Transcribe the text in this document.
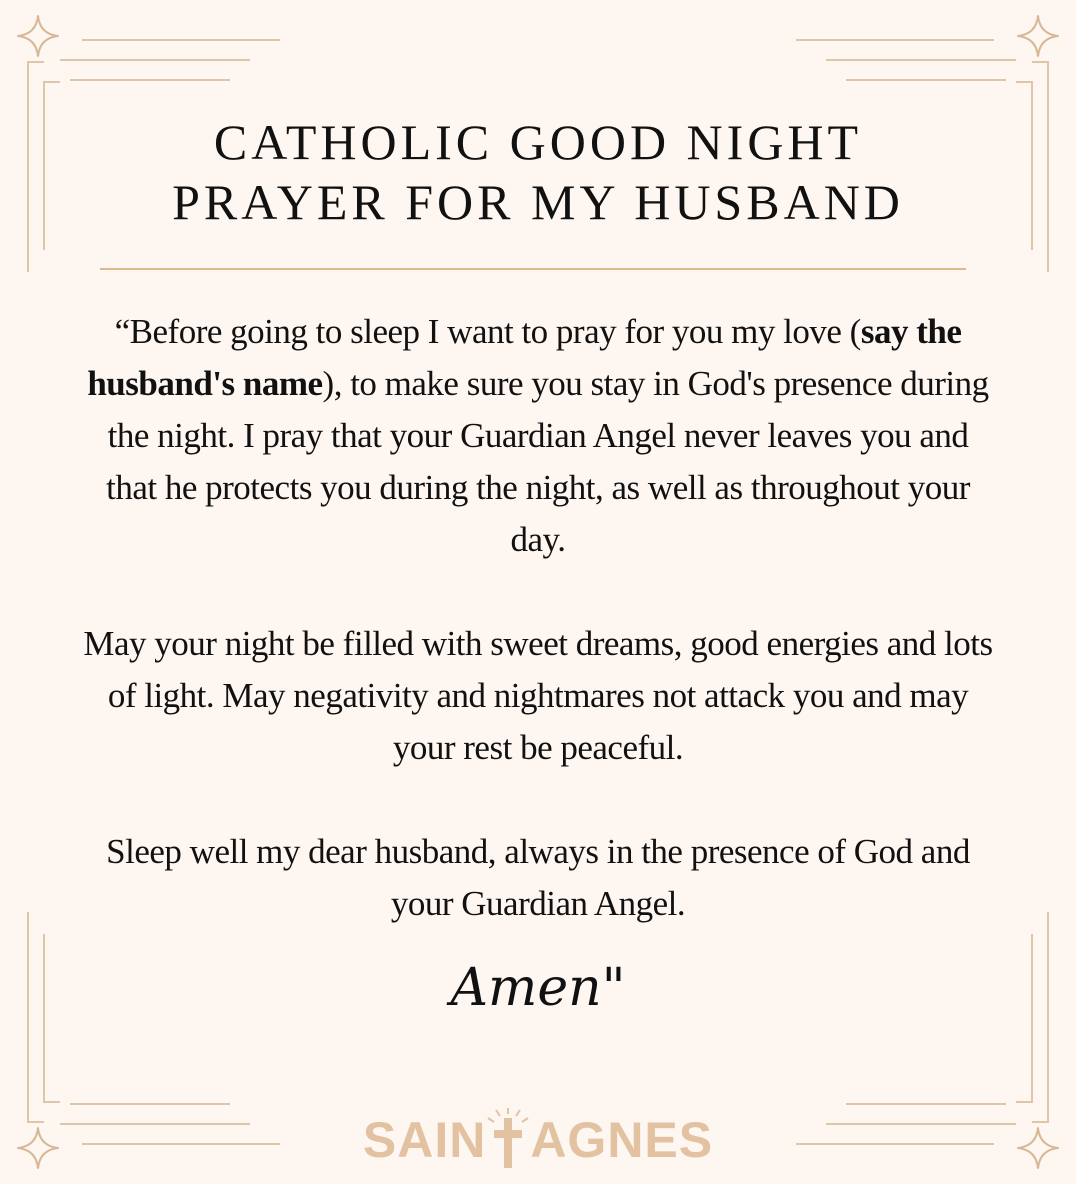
CATHOLIC GOOD NIGHT
PRAYER FOR MY HUSBAND

“Before going to sleep I want to pray for you my love (say the husband's name), to make sure you stay in God's presence during the night. I pray that your Guardian Angel never leaves you and that he protects you during the night, as well as throughout your day.

May your night be filled with sweet dreams, good energies and lots of light. May negativity and nightmares not attack you and may your rest be peaceful.

Sleep well my dear husband, always in the presence of God and your Guardian Angel.

Amen"
SAIN AGNES
